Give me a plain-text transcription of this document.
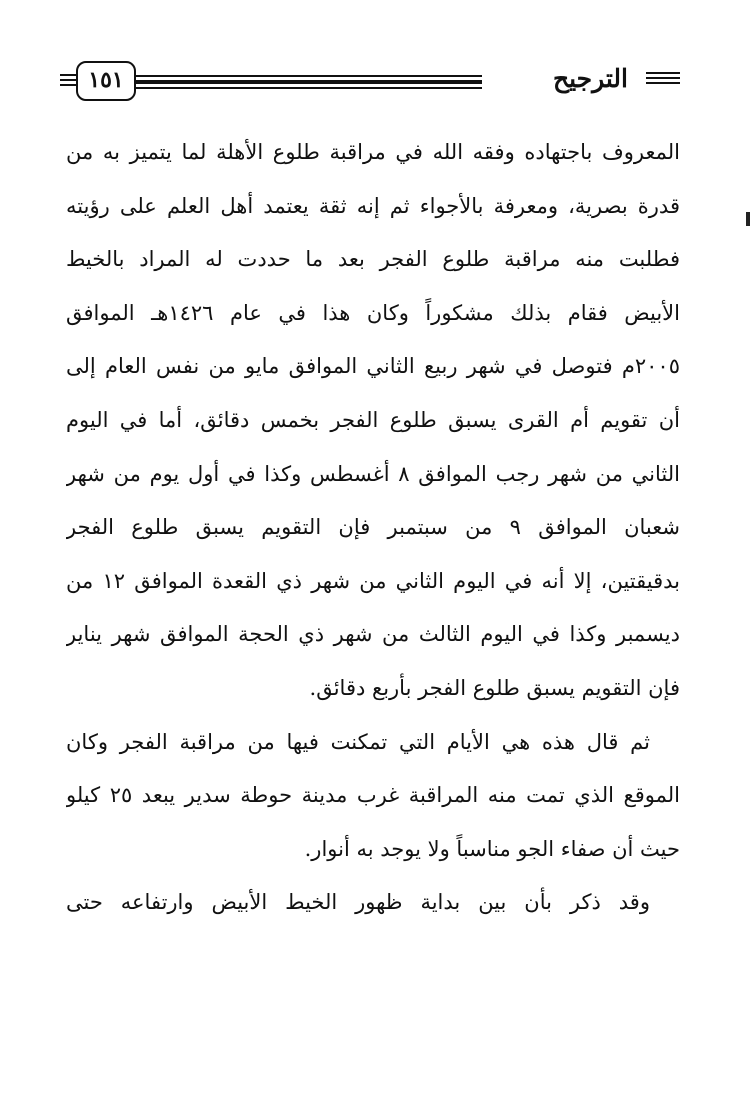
الترجيح
١٥١
المعروف باجتهاده وفقه الله في مراقبة طلوع الأهلة لما يتميز به من
قدرة بصرية، ومعرفة بالأجواء ثم إنه ثقة يعتمد أهل العلم على رؤيته
فطلبت منه مراقبة طلوع الفجر بعد ما حددت له المراد بالخيط
الأبيض فقام بذلك مشكوراً وكان هذا في عام ١٤٢٦هـ الموافق
٢٠٠٥م فتوصل في شهر ربيع الثاني الموافق مايو من نفس العام إلى
أن تقويم أم القرى يسبق طلوع الفجر بخمس دقائق، أما في اليوم
الثاني من شهر رجب الموافق ٨ أغسطس وكذا في أول يوم من شهر
شعبان الموافق ٩ من سبتمبر فإن التقويم يسبق طلوع الفجر
بدقيقتين، إلا أنه في اليوم الثاني من شهر ذي القعدة الموافق ١٢ من
ديسمبر وكذا في اليوم الثالث من شهر ذي الحجة الموافق شهر يناير
فإن التقويم يسبق طلوع الفجر بأربع دقائق.
ثم قال هذه هي الأيام التي تمكنت فيها من مراقبة الفجر وكان
الموقع الذي تمت منه المراقبة غرب مدينة حوطة سدير يبعد ٢٥ كيلو
حيث أن صفاء الجو مناسباً ولا يوجد به أنوار.
وقد ذكر بأن بين بداية ظهور الخيط الأبيض وارتفاعه حتى
